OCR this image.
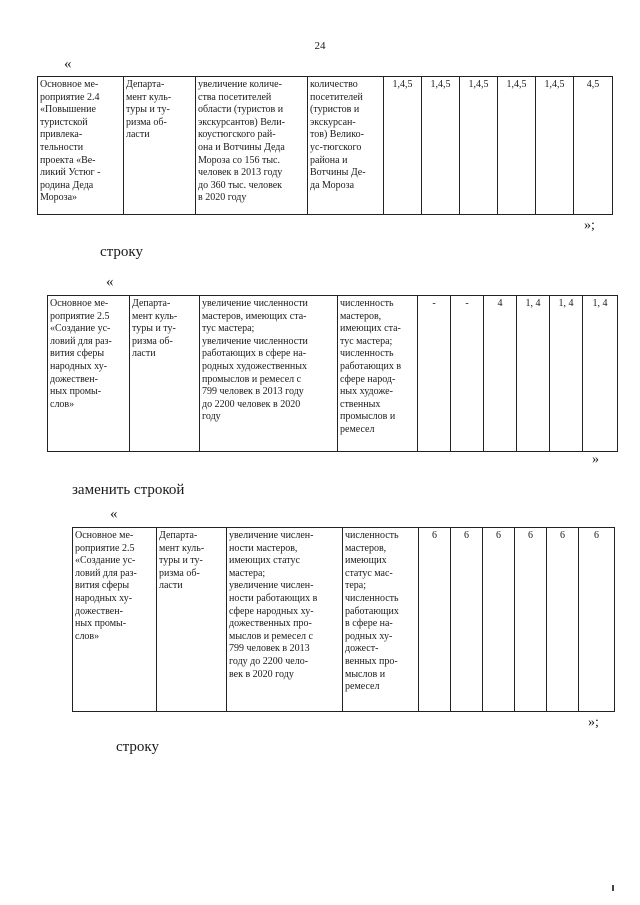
24
«
Основное ме-
роприятие 2.4
«Повышение
туристской
привлека-
тельности
проекта «Ве-
ликий Устюг -
родина Деда
Мороза»	Департа-
мент куль-
туры и ту-
ризма об-
ласти	увеличение количе-
ства посетителей
области (туристов и
экскурсантов) Вели-
коустюгского рай-
она и Вотчины Деда
Мороза со 156 тыс.
человек в 2013 году
до 360 тыс. человек
в 2020 году	количество
посетителей
(туристов и
экскурсан-
тов) Велико-
ус-тюгского
района и
Вотчины Де-
да Мороза	1,4,5	1,4,5	1,4,5	1,4,5	1,4,5	4,5
»;
строку
«
Основное ме-
роприятие 2.5
«Создание ус-
ловий для раз-
вития сферы
народных ху-
дожествен-
ных промы-
слов»	Департа-
мент куль-
туры и ту-
ризма об-
ласти	увеличение численности
мастеров, имеющих ста-
тус мастера;
увеличение численности
работающих в сфере на-
родных художественных
промыслов и ремесел с
799 человек в 2013 году
до 2200 человек в 2020
году	численность
мастеров,
имеющих ста-
тус мастера;
численность
работающих в
сфере народ-
ных художе-
ственных
промыслов и
ремесел	-	-	4	1, 4	1, 4	1, 4
»
заменить строкой
«
Основное ме-
роприятие 2.5
«Создание ус-
ловий для раз-
вития сферы
народных ху-
дожествен-
ных промы-
слов»	Департа-
мент куль-
туры и ту-
ризма об-
ласти	увеличение числен-
ности мастеров,
имеющих статус
мастера;
увеличение числен-
ности работающих в
сфере народных ху-
дожественных про-
мыслов и ремесел с
799 человек в 2013
году до 2200 чело-
век в 2020 году	численность
мастеров,
имеющих
статус мас-
тера;
численность
работающих
в сфере на-
родных ху-
дожест-
венных про-
мыслов и
ремесел	6	6	6	6	6	6
»;
строку
